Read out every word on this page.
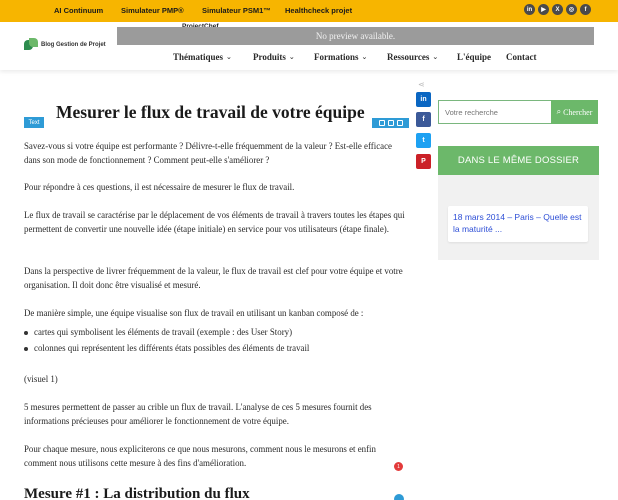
AI Continuum Simulateur PMP® Simulateur PSM1™ Healthcheck projet	in	▶	X	◎	f
Blog Gestion de Projet
No preview available.
Thématiques ⌄ Produits ⌄ Formations ⌄ Ressources ⌄ L'équipe Contact
Text
Mesurer le flux de travail de votre équipe

Savez-vous si votre équipe est performante ? Délivre-t-elle fréquemment de la valeur ? Est-elle efficace dans son mode de fonctionnement ? Comment peut-elle s'améliorer ?

Pour répondre à ces questions, il est nécessaire de mesurer le flux de travail.

Le flux de travail se caractérise par le déplacement de vos éléments de travail à travers toutes les étapes qui permettent de convertir une nouvelle idée (étape initiale) en service pour vos utilisateurs (étape finale).

Dans la perspective de livrer fréquemment de la valeur, le flux de travail est clef pour votre équipe et votre organisation. Il doit donc être visualisé et mesuré.

De manière simple, une équipe visualise son flux de travail en utilisant un kanban composé de :

cartes qui symbolisent les éléments de travail (exemple : des User Story)
colonnes qui représentent les différents états possibles des éléments de travail

(visuel 1)

5 mesures permettent de passer au crible un flux de travail. L'analyse de ces 5 mesures fournit des informations précieuses pour améliorer le fonctionnement de votre équipe.

Pour chaque mesure, nous expliciterons ce que nous mesurons, comment nous le mesurons et enfin comment nous utilisons cette mesure à des fins d'amélioration.

Mesure #1 : La distribution du flux
1
⋖
in
f
t
P
Votre recherche
⌕ Chercher
DANS LE MÊME DOSSIER
18 mars 2014 – Paris – Quelle est la maturité ...
